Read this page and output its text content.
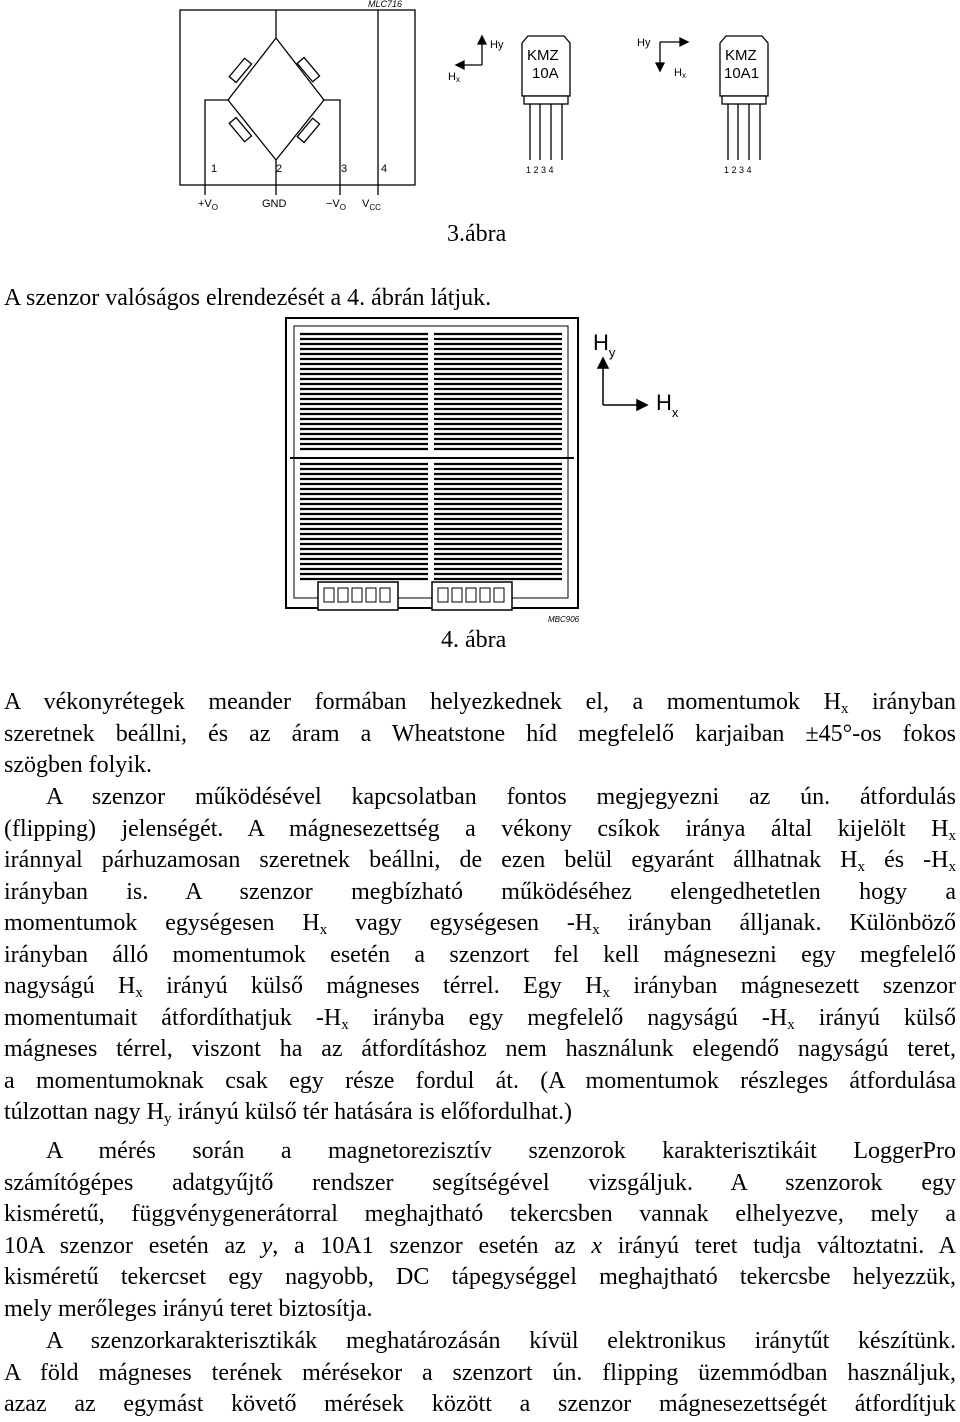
MLC716
1	2	3	4
$+V_O$	GND	$-V_O$ $V_{CC}$
Hy
Hx
KMZ
10A
1 2 3 4
Hy
Hx
KMZ
10A1
1 2 3 4
3.ábra
A szenzor valóságos elrendezését a 4. ábrán látjuk.
$H_y$
$H_x$
MBC906
4. ábra
A vékonyrétegek meander formában helyezkednek el, a momentumok $H_x$ irányban
szeretnek beállni, és az áram a Wheatstone híd megfelelő karjaiban ±45°-os fokos
szögben folyik.
A szenzor működésével kapcsolatban fontos megjegyezni az ún. átfordulás
(flipping) jelenségét. A mágnesezettség a vékony csíkok iránya által kijelölt $H_x$
iránnyal párhuzamosan szeretnek beállni, de ezen belül egyaránt állhatnak $H_x$ és $-H_x$
irányban is. A szenzor megbízható működéséhez elengedhetetlen hogy a
momentumok egységesen $H_x$ vagy egységesen $-H_x$ irányban álljanak. Különböző
irányban álló momentumok esetén a szenzort fel kell mágnesezni egy megfelelő
nagyságú $H_x$ irányú külső mágneses térrel. Egy $H_x$ irányban mágnesezett szenzor
momentumait átfordíthatjuk $-H_x$ irányba egy megfelelő nagyságú $-H_x$ irányú külső
mágneses térrel, viszont ha az átfordításhoz nem használunk elegendő nagyságú teret,
a momentumoknak csak egy része fordul át. (A momentumok részleges átfordulása
túlzottan nagy $H_y$ irányú külső tér hatására is előfordulhat.)
A mérés során a magnetorezisztív szenzorok karakterisztikáit LoggerPro
számítógépes adatgyűjtő rendszer segítségével vizsgáljuk. A szenzorok egy
kisméretű, függvénygenerátorral meghajtható tekercsben vannak elhelyezve, mely a
10A szenzor esetén az y, a 10A1 szenzor esetén az x irányú teret tudja változtatni. A
kisméretű tekercset egy nagyobb, DC tápegységgel meghajtható tekercsbe helyezzük,
mely merőleges irányú teret biztosítja.
A szenzorkarakterisztikák meghatározásán kívül elektronikus iránytűt készítünk.
A föld mágneses terének mérésekor a szenzort ún. flipping üzemmódban használjuk,
azaz az egymást követő mérések között a szenzor mágnesezettségét átfordítjuk
